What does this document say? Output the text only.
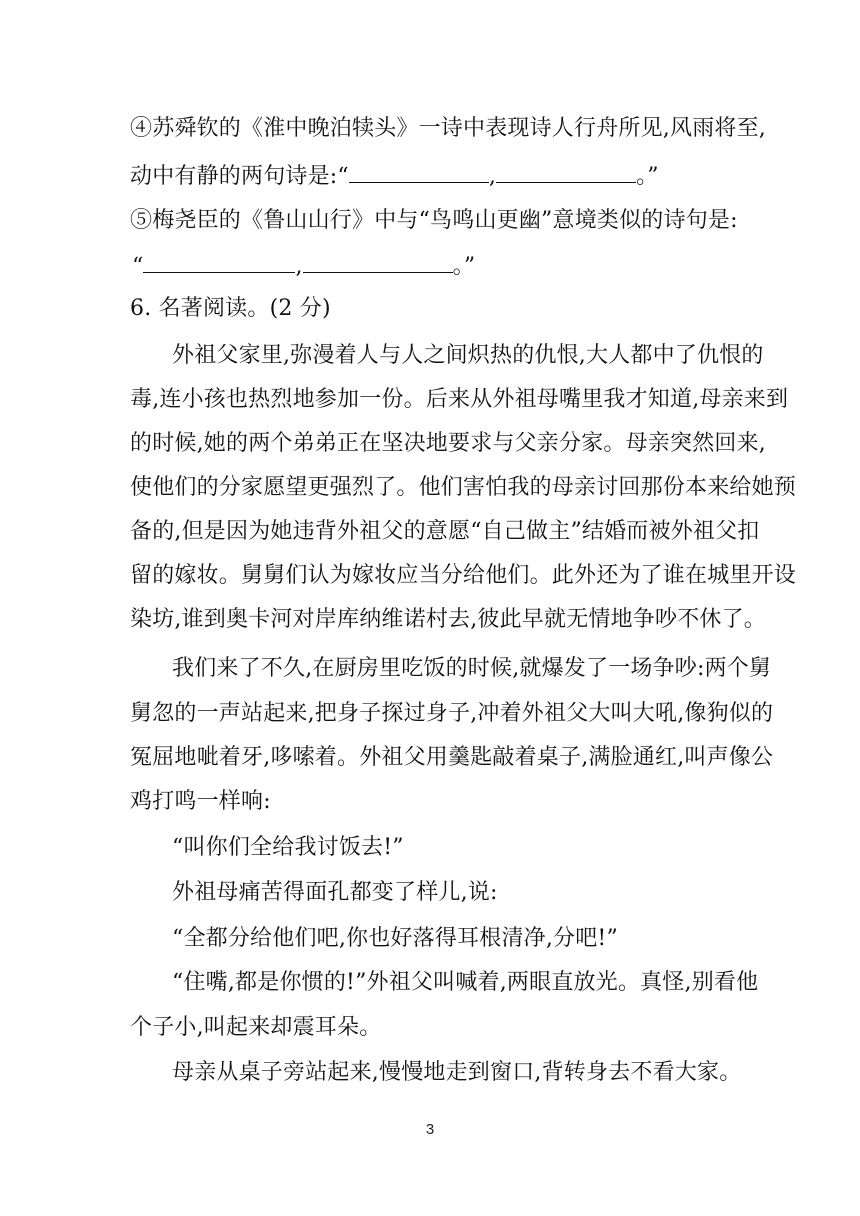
④苏舜钦的《淮中晚泊犊头》一诗中表现诗人行舟所见,风雨将至,
动中有静的两句诗是:“	,	。”
⑤梅尧臣的《鲁山山行》中与“鸟鸣山更幽”意境类似的诗句是:
“	,	。”
6. 名著阅读。(2 分)
外祖父家里,弥漫着人与人之间炽热的仇恨,大人都中了仇恨的
毒,连小孩也热烈地参加一份。后来从外祖母嘴里我才知道,母亲来到
的时候,她的两个弟弟正在坚决地要求与父亲分家。母亲突然回来,
使他们的分家愿望更强烈了。他们害怕我的母亲讨回那份本来给她预
备的,但是因为她违背外祖父的意愿“自己做主”结婚而被外祖父扣
留的嫁妆。舅舅们认为嫁妆应当分给他们。此外还为了谁在城里开设
染坊,谁到奥卡河对岸库纳维诺村去,彼此早就无情地争吵不休了。
我们来了不久,在厨房里吃饭的时候,就爆发了一场争吵:两个舅
舅忽的一声站起来,把身子探过身子,冲着外祖父大叫大吼,像狗似的
冤屈地呲着牙,哆嗦着。外祖父用羹匙敲着桌子,满脸通红,叫声像公
鸡打鸣一样响:
“叫你们全给我讨饭去!”
外祖母痛苦得面孔都变了样儿,说:
“全都分给他们吧,你也好落得耳根清净,分吧!”
“住嘴,都是你惯的!”外祖父叫喊着,两眼直放光。真怪,别看他
个子小,叫起来却震耳朵。
母亲从桌子旁站起来,慢慢地走到窗口,背转身去不看大家。
3
